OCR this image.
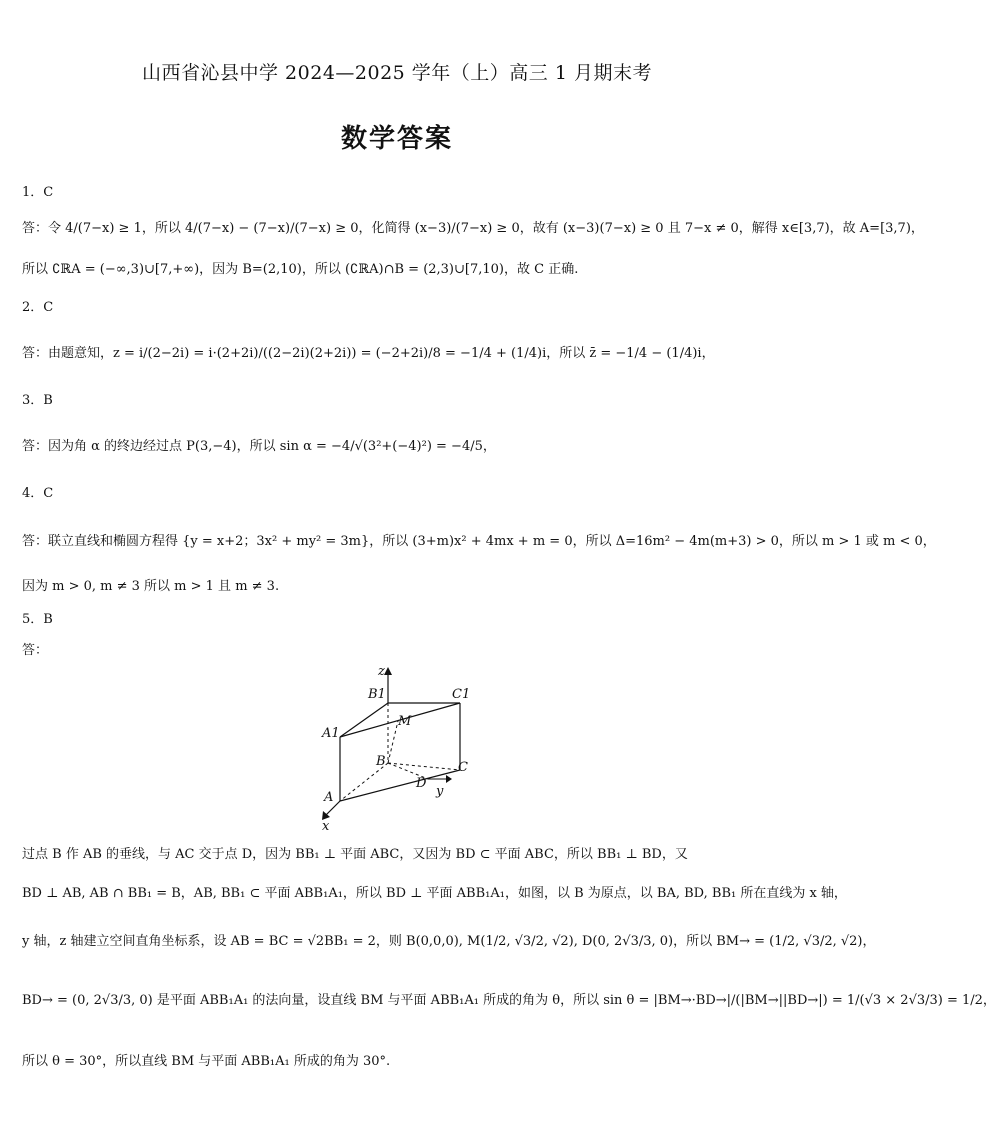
山西省沁县中学 2024—2025 学年（上）高三 1 月期末考
数学答案
1．C
答：令 4/(7−x) ≥ 1，所以 4/(7−x) − (7−x)/(7−x) ≥ 0，化简得 (x−3)/(7−x) ≥ 0，故有 (x−3)(7−x) ≥ 0 且 7−x ≠ 0，解得 x∈[3,7)，故 A=[3,7)，
所以 ∁ℝA = (−∞,3)∪[7,+∞)，因为 B=(2,10)，所以 (∁ℝA)∩B = (2,3)∪[7,10)，故 C 正确.
2．C
答：由题意知，z = i/(2−2i) = i·(2+2i)/((2−2i)(2+2i)) = (−2+2i)/8 = −1/4 + (1/4)i，所以 z̄ = −1/4 − (1/4)i，
3．B
答：因为角 α 的终边经过点 P(3,−4)，所以 sin α = −4/√(3²+(−4)²) = −4/5，
4．C
答：联立直线和椭圆方程得 {y = x+2；3x² + my² = 3m}，所以 (3+m)x² + 4mx + m = 0，所以 Δ=16m² − 4m(m+3) > 0，所以 m > 1 或 m < 0，
因为 m > 0, m ≠ 3 所以 m > 1 且 m ≠ 3.
5．B
答：
z
B1	C1
A1
M
B
D
C
y
A
x
过点 B 作 AB 的垂线，与 AC 交于点 D，因为 BB₁ ⊥ 平面 ABC，又因为 BD ⊂ 平面 ABC，所以 BB₁ ⊥ BD，又
BD ⊥ AB, AB ∩ BB₁ = B，AB, BB₁ ⊂ 平面 ABB₁A₁，所以 BD ⊥ 平面 ABB₁A₁，如图，以 B 为原点，以 BA, BD, BB₁ 所在直线为 x 轴，
y 轴，z 轴建立空间直角坐标系，设 AB = BC = √2BB₁ = 2，则 B(0,0,0), M(1/2, √3/2, √2), D(0, 2√3/3, 0)，所以 BM→ = (1/2, √3/2, √2)，
BD→ = (0, 2√3/3, 0) 是平面 ABB₁A₁ 的法向量，设直线 BM 与平面 ABB₁A₁ 所成的角为 θ，所以 sin θ = |BM→·BD→|/(|BM→||BD→|) = 1/(√3 × 2√3/3) = 1/2，
所以 θ = 30°，所以直线 BM 与平面 ABB₁A₁ 所成的角为 30°.
